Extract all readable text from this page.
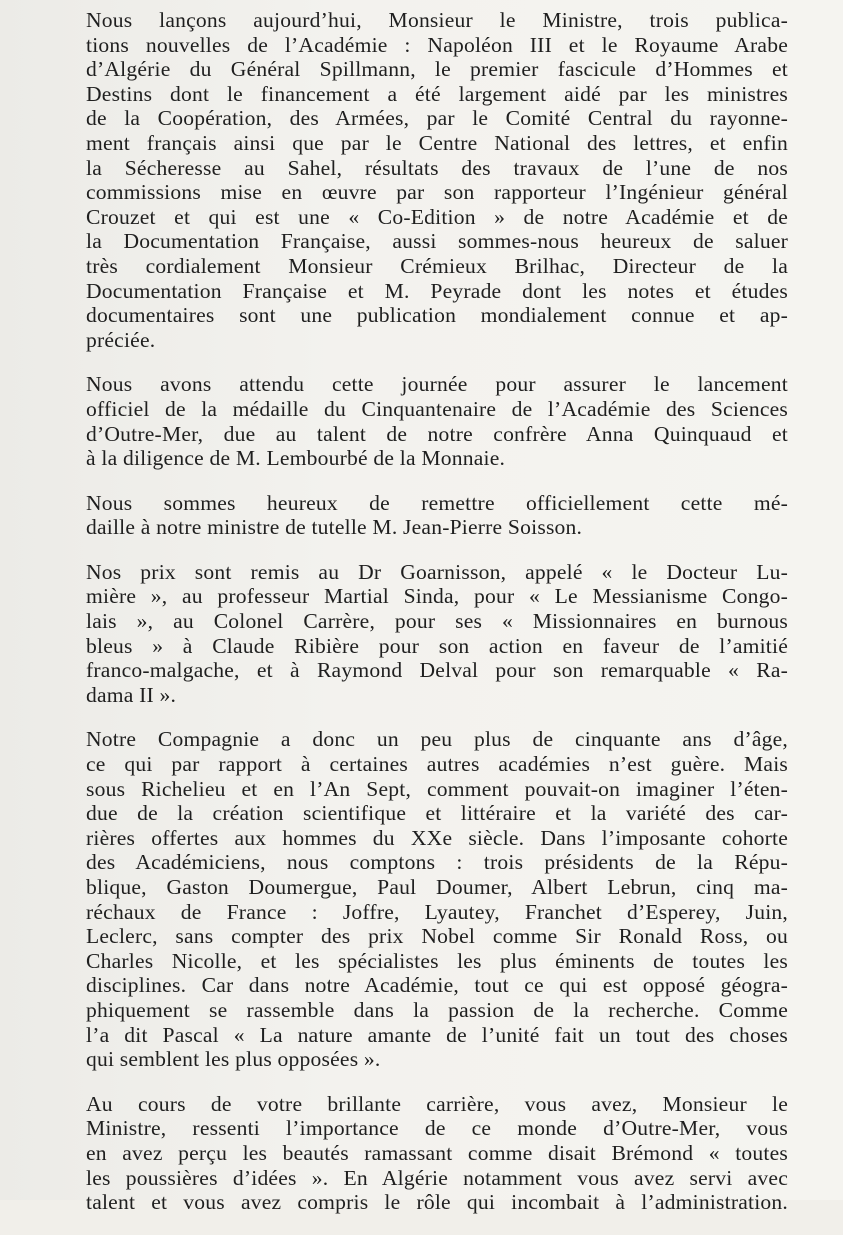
Nous lançons aujourd’hui, Monsieur le Ministre, trois publica-
tions nouvelles de l’Académie : Napoléon III et le Royaume Arabe
d’Algérie du Général Spillmann, le premier fascicule d’Hommes et
Destins dont le financement a été largement aidé par les ministres
de la Coopération, des Armées, par le Comité Central du rayonne-
ment français ainsi que par le Centre National des lettres, et enfin
la Sécheresse au Sahel, résultats des travaux de l’une de nos
commissions mise en œuvre par son rapporteur l’Ingénieur général
Crouzet et qui est une « Co-Edition » de notre Académie et de
la Documentation Française, aussi sommes-nous heureux de saluer
très cordialement Monsieur Crémieux Brilhac, Directeur de la
Documentation Française et M. Peyrade dont les notes et études
documentaires sont une publication mondialement connue et ap-
préciée.

Nous avons attendu cette journée pour assurer le lancement
officiel de la médaille du Cinquantenaire de l’Académie des Sciences
d’Outre-Mer, due au talent de notre confrère Anna Quinquaud et
à la diligence de M. Lembourbé de la Monnaie.

Nous sommes heureux de remettre officiellement cette mé-
daille à notre ministre de tutelle M. Jean-Pierre Soisson.

Nos prix sont remis au Dr Goarnisson, appelé « le Docteur Lu-
mière », au professeur Martial Sinda, pour « Le Messianisme Congo-
lais », au Colonel Carrère, pour ses « Missionnaires en burnous
bleus » à Claude Ribière pour son action en faveur de l’amitié
franco-malgache, et à Raymond Delval pour son remarquable « Ra-
dama II ».

Notre Compagnie a donc un peu plus de cinquante ans d’âge,
ce qui par rapport à certaines autres académies n’est guère. Mais
sous Richelieu et en l’An Sept, comment pouvait-on imaginer l’éten-
due de la création scientifique et littéraire et la variété des car-
rières offertes aux hommes du XXe siècle. Dans l’imposante cohorte
des Académiciens, nous comptons : trois présidents de la Répu-
blique, Gaston Doumergue, Paul Doumer, Albert Lebrun, cinq ma-
réchaux de France : Joffre, Lyautey, Franchet d’Esperey, Juin,
Leclerc, sans compter des prix Nobel comme Sir Ronald Ross, ou
Charles Nicolle, et les spécialistes les plus éminents de toutes les
disciplines. Car dans notre Académie, tout ce qui est opposé géogra-
phiquement se rassemble dans la passion de la recherche. Comme
l’a dit Pascal « La nature amante de l’unité fait un tout des choses
qui semblent les plus opposées ».

Au cours de votre brillante carrière, vous avez, Monsieur le
Ministre, ressenti l’importance de ce monde d’Outre-Mer, vous
en avez perçu les beautés ramassant comme disait Brémond « toutes
les poussières d’idées ». En Algérie notamment vous avez servi avec
talent et vous avez compris le rôle qui incombait à l’administration.
